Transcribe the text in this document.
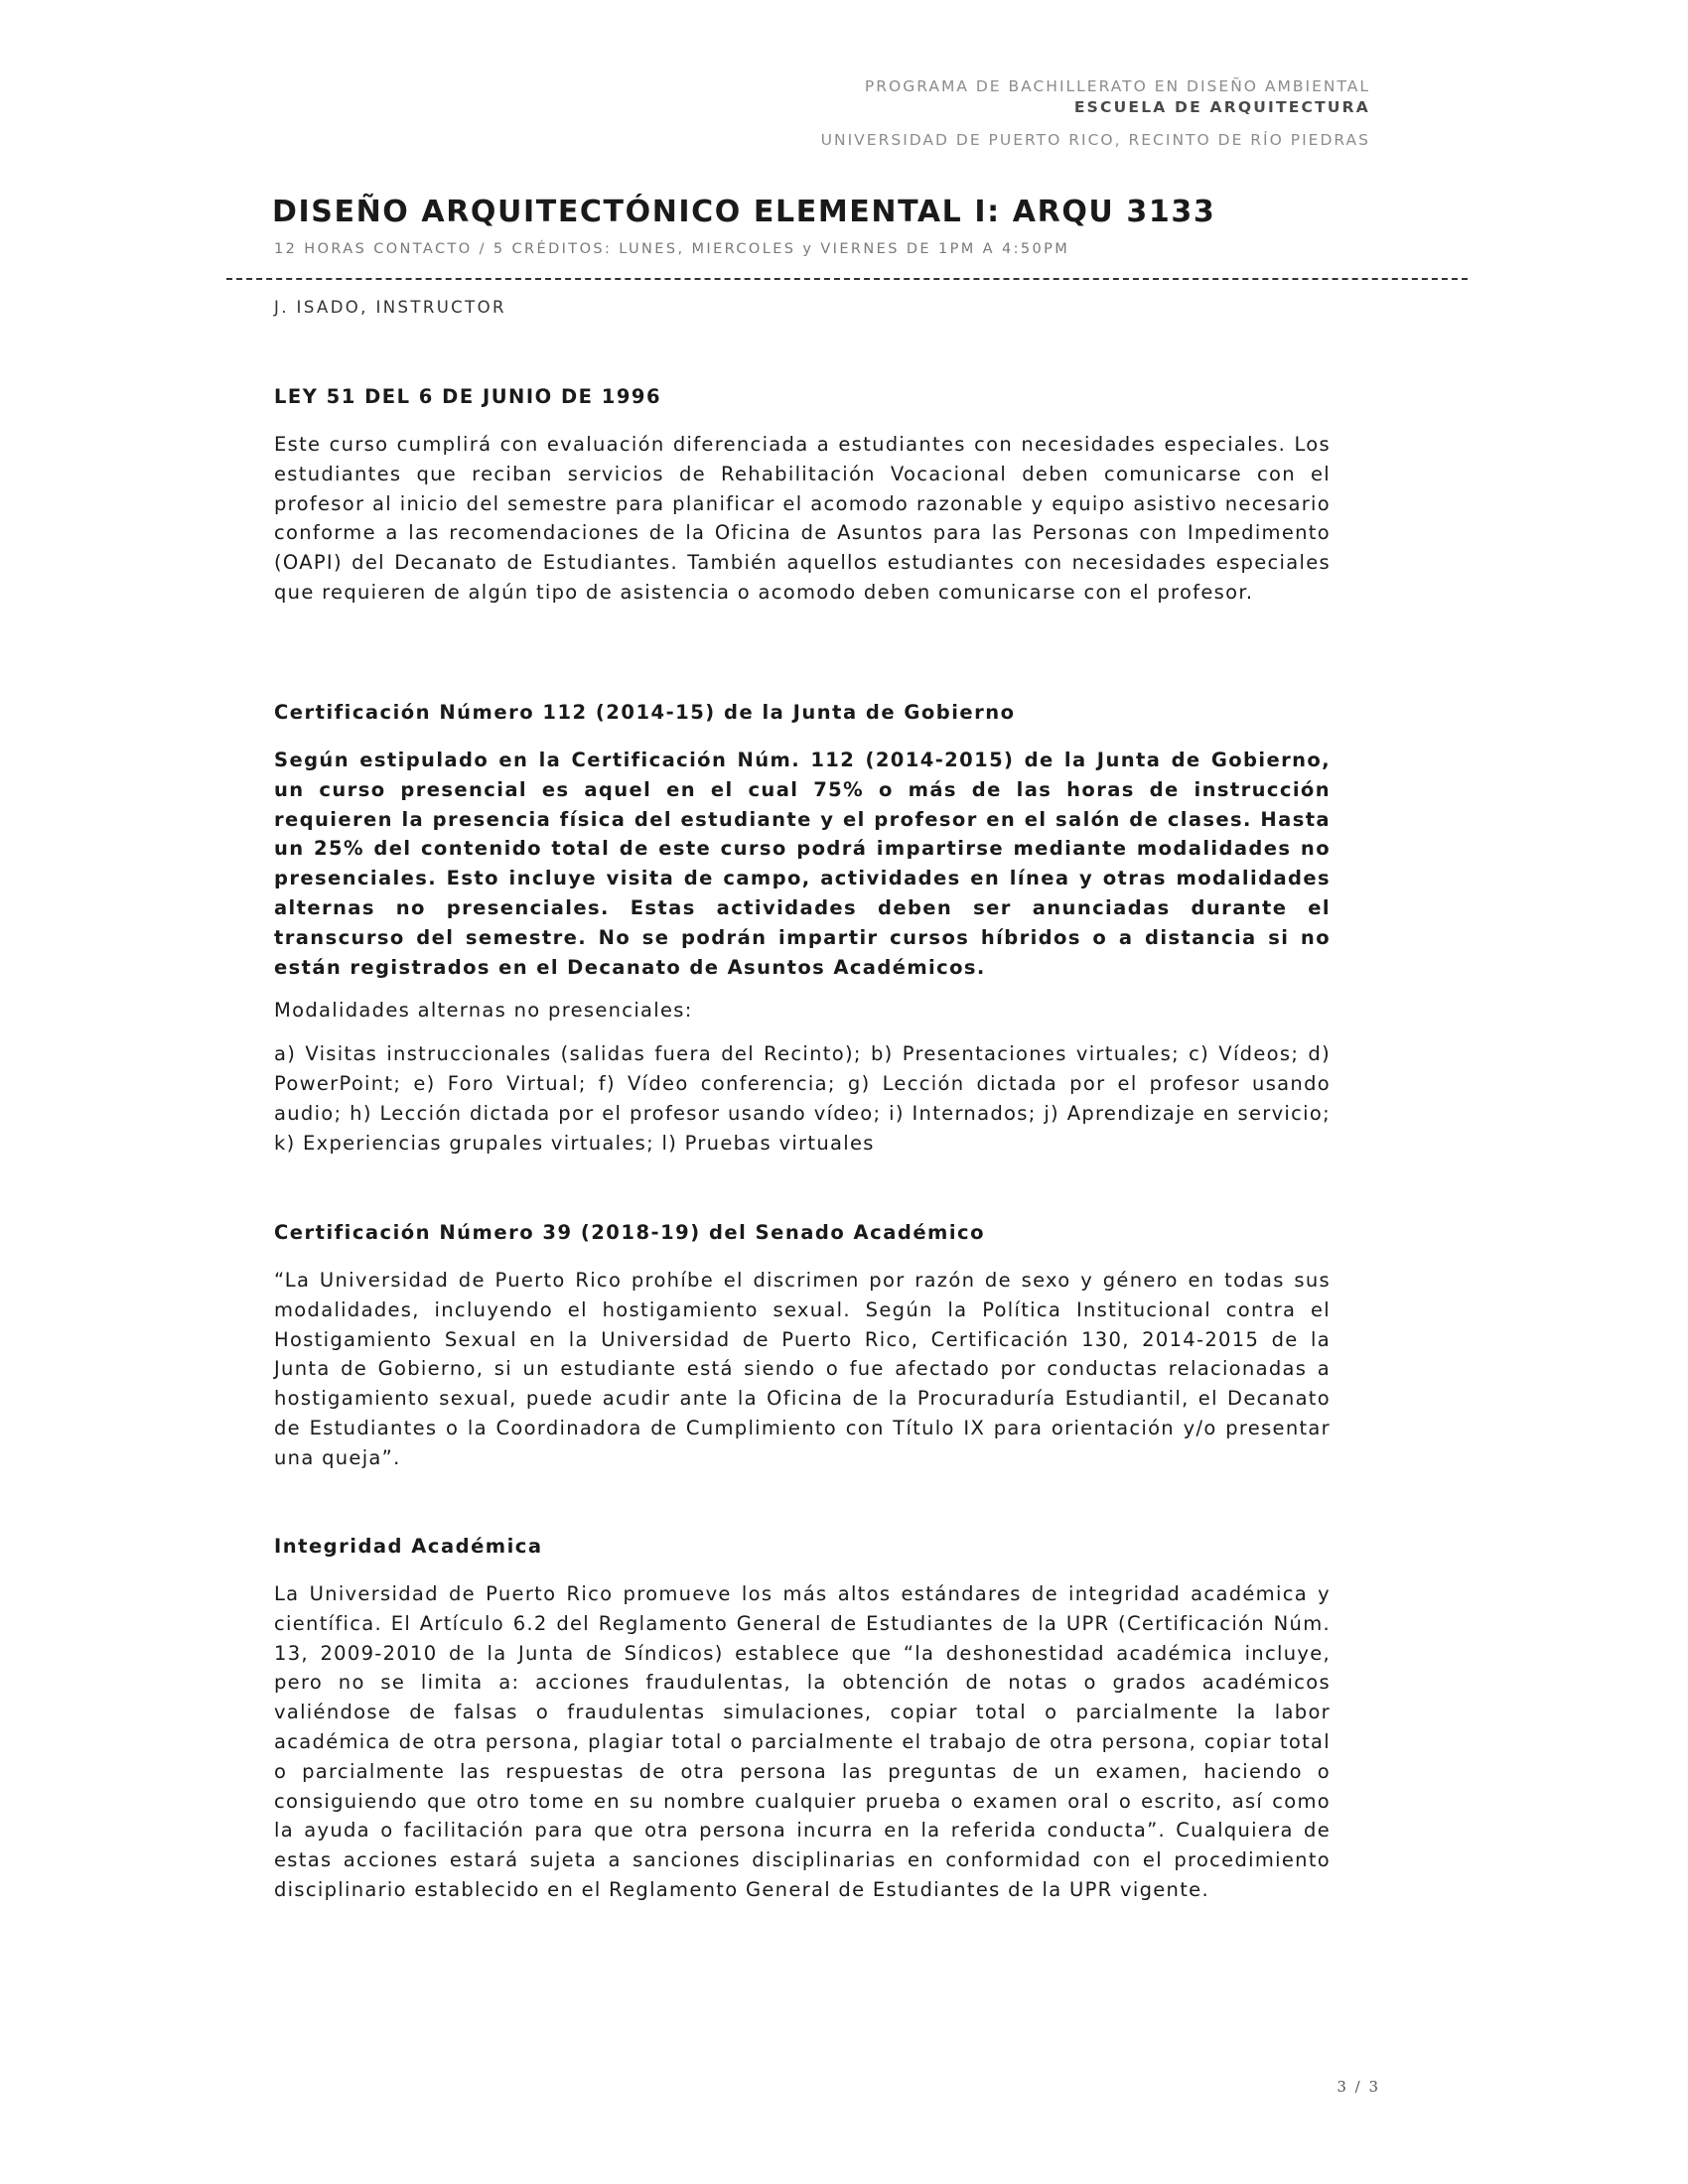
PROGRAMA DE BACHILLERATO EN DISEÑO AMBIENTAL
ESCUELA DE ARQUITECTURA
UNIVERSIDAD DE PUERTO RICO, RECINTO DE RÍO PIEDRAS
DISEÑO ARQUITECTÓNICO ELEMENTAL I: ARQU 3133
12 HORAS CONTACTO / 5 CRÉDITOS: LUNES, MIERCOLES y VIERNES DE 1PM A 4:50PM
J. ISADO, INSTRUCTOR
LEY 51 DEL 6 DE JUNIO DE 1996

Este curso cumplirá con evaluación diferenciada a estudiantes con necesidades especiales. Los estudiantes que reciban servicios de Rehabilitación Vocacional deben comunicarse con el profesor al inicio del semestre para planificar el acomodo razonable y equipo asistivo necesario conforme a las recomendaciones de la Oficina de Asuntos para las Personas con Impedimento (OAPI) del Decanato de Estudiantes. También aquellos estudiantes con necesidades especiales que requieren de algún tipo de asistencia o acomodo deben comunicarse con el profesor.

Certificación Número 112 (2014-15) de la Junta de Gobierno

Según estipulado en la Certificación Núm. 112 (2014-2015) de la Junta de Gobierno, un curso presencial es aquel en el cual 75% o más de las horas de instrucción requieren la presencia física del estudiante y el profesor en el salón de clases. Hasta un 25% del contenido total de este curso podrá impartirse mediante modalidades no presenciales. Esto incluye visita de campo, actividades en línea y otras modalidades alternas no presenciales. Estas actividades deben ser anunciadas durante el transcurso del semestre. No se podrán impartir cursos híbridos o a distancia si no están registrados en el Decanato de Asuntos Académicos.

Modalidades alternas no presenciales:

a) Visitas instruccionales (salidas fuera del Recinto); b) Presentaciones virtuales; c) Vídeos; d) PowerPoint; e) Foro Virtual; f) Vídeo conferencia; g) Lección dictada por el profesor usando audio; h) Lección dictada por el profesor usando vídeo; i) Internados; j) Aprendizaje en servicio; k) Experiencias grupales virtuales; l) Pruebas virtuales

Certificación Número 39 (2018-19) del Senado Académico

“La Universidad de Puerto Rico prohíbe el discrimen por razón de sexo y género en todas sus modalidades, incluyendo el hostigamiento sexual. Según la Política Institucional contra el Hostigamiento Sexual en la Universidad de Puerto Rico, Certificación 130, 2014-2015 de la Junta de Gobierno, si un estudiante está siendo o fue afectado por conductas relacionadas a hostigamiento sexual, puede acudir ante la Oficina de la Procuraduría Estudiantil, el Decanato de Estudiantes o la Coordinadora de Cumplimiento con Título IX para orientación y/o presentar una queja”.

Integridad Académica

La Universidad de Puerto Rico promueve los más altos estándares de integridad académica y científica. El Artículo 6.2 del Reglamento General de Estudiantes de la UPR (Certificación Núm. 13, 2009-2010 de la Junta de Síndicos) establece que “la deshonestidad académica incluye, pero no se limita a: acciones fraudulentas, la obtención de notas o grados académicos valiéndose de falsas o fraudulentas simulaciones, copiar total o parcialmente la labor académica de otra persona, plagiar total o parcialmente el trabajo de otra persona, copiar total o parcialmente las respuestas de otra persona las preguntas de un examen, haciendo o consiguiendo que otro tome en su nombre cualquier prueba o examen oral o escrito, así como la ayuda o facilitación para que otra persona incurra en la referida conducta”. Cualquiera de estas acciones estará sujeta a sanciones disciplinarias en conformidad con el procedimiento disciplinario establecido en el Reglamento General de Estudiantes de la UPR vigente.

3 / 3
